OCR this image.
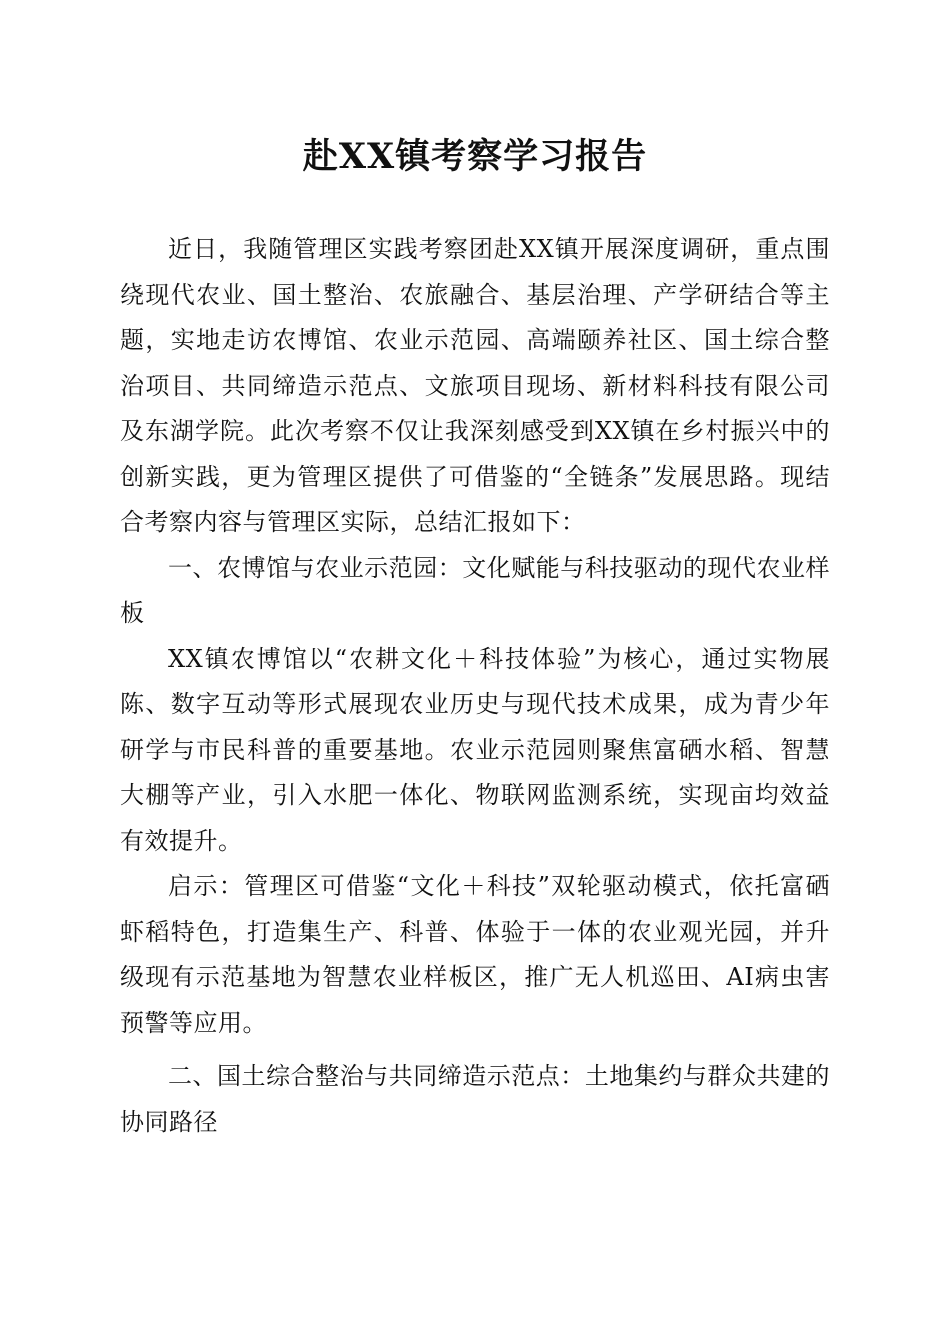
赴XX镇考察学习报告

近日，我随管理区实践考察团赴XX镇开展深度调研，重点围绕现代农业、国土整治、农旅融合、基层治理、产学研结合等主题，实地走访农博馆、农业示范园、高端颐养社区、国土综合整治项目、共同缔造示范点、文旅项目现场、新材料科技有限公司及东湖学院。此次考察不仅让我深刻感受到XX镇在乡村振兴中的创新实践，更为管理区提供了可借鉴的“全链条”发展思路。现结合考察内容与管理区实际，总结汇报如下：

一、农博馆与农业示范园：文化赋能与科技驱动的现代农业样板

XX镇农博馆以“农耕文化＋科技体验”为核心，通过实物展陈、数字互动等形式展现农业历史与现代技术成果，成为青少年研学与市民科普的重要基地。农业示范园则聚焦富硒水稻、智慧大棚等产业，引入水肥一体化、物联网监测系统，实现亩均效益有效提升。

启示：管理区可借鉴“文化＋科技”双轮驱动模式，依托富硒虾稻特色，打造集生产、科普、体验于一体的农业观光园，并升级现有示范基地为智慧农业样板区，推广无人机巡田、AI病虫害预警等应用。

二、国土综合整治与共同缔造示范点：土地集约与群众共建的协同路径
